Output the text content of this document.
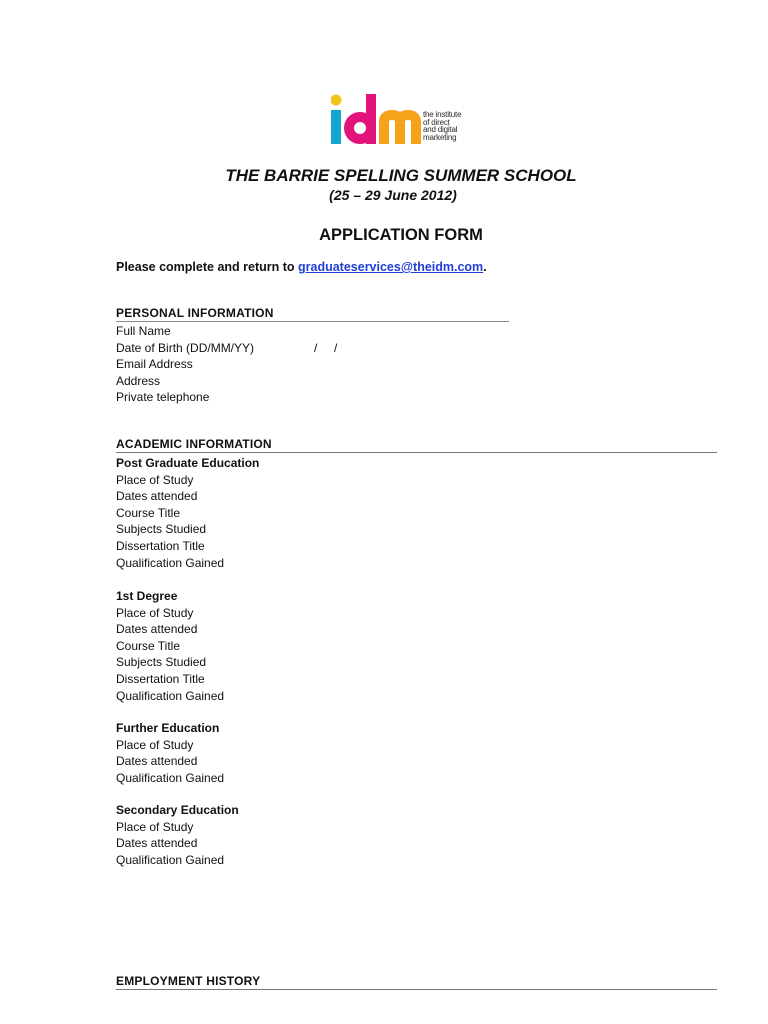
the institute
of direct
and digital
marketing

THE BARRIE SPELLING SUMMER SCHOOL

(25 – 29 June 2012)

APPLICATION FORM

Please complete and return to graduateservices@theidm.com.

PERSONAL INFORMATION

Full Name
Date of Birth (DD/MM/YY)	/     /
Email Address
Address
Private telephone

ACADEMIC INFORMATION

Post Graduate Education
Place of Study
Dates attended
Course Title
Subjects Studied
Dissertation Title
Qualification Gained
1st Degree
Place of Study
Dates attended
Course Title
Subjects Studied
Dissertation Title
Qualification Gained
Further Education
Place of Study
Dates attended
Qualification Gained
Secondary Education
Place of Study
Dates attended
Qualification Gained

EMPLOYMENT HISTORY
